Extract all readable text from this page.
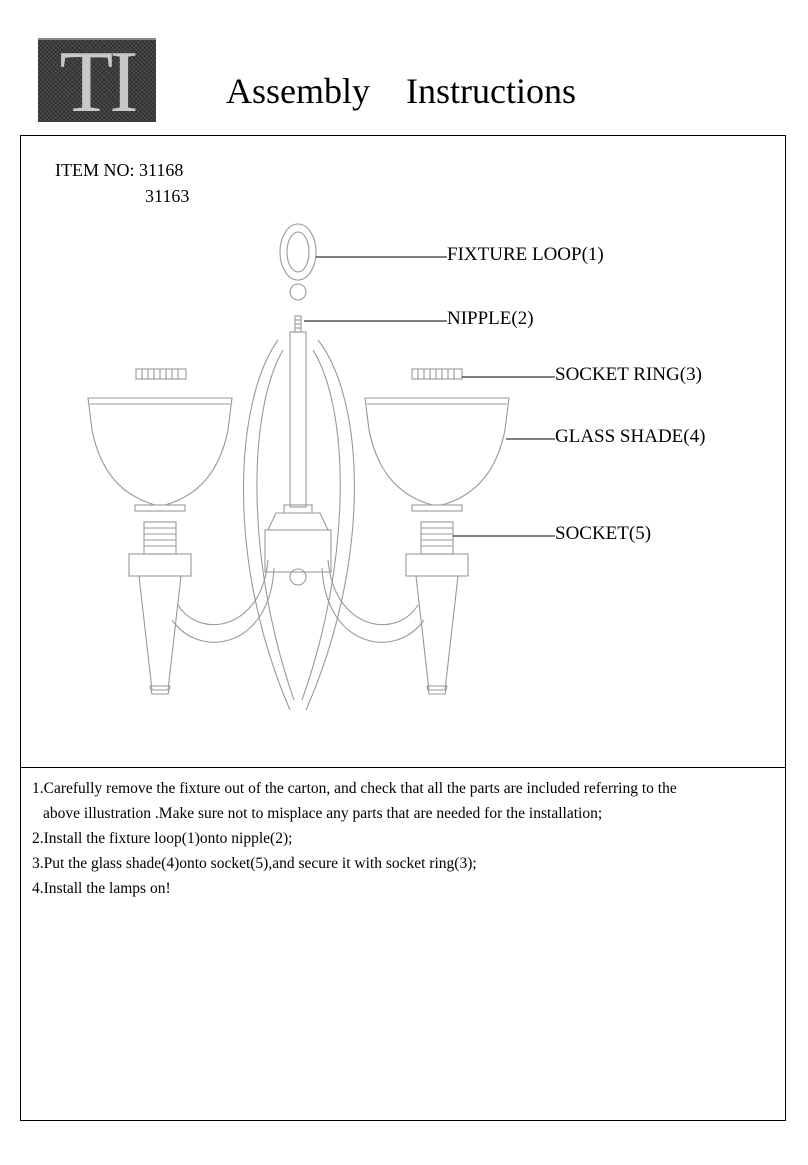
TI	Assembly    Instructions
ITEM NO: 31168
31163
FIXTURE LOOP(1)
NIPPLE(2)
SOCKET RING(3)
GLASS SHADE(4)
SOCKET(5)
1.Carefully remove the fixture out of the carton, and check that all the parts are included referring to the
above illustration .Make sure not to misplace any parts that are needed for the installation;
2.Install the fixture loop(1)onto nipple(2);
3.Put the glass shade(4)onto socket(5),and secure it with socket ring(3);
4.Install the lamps on!
